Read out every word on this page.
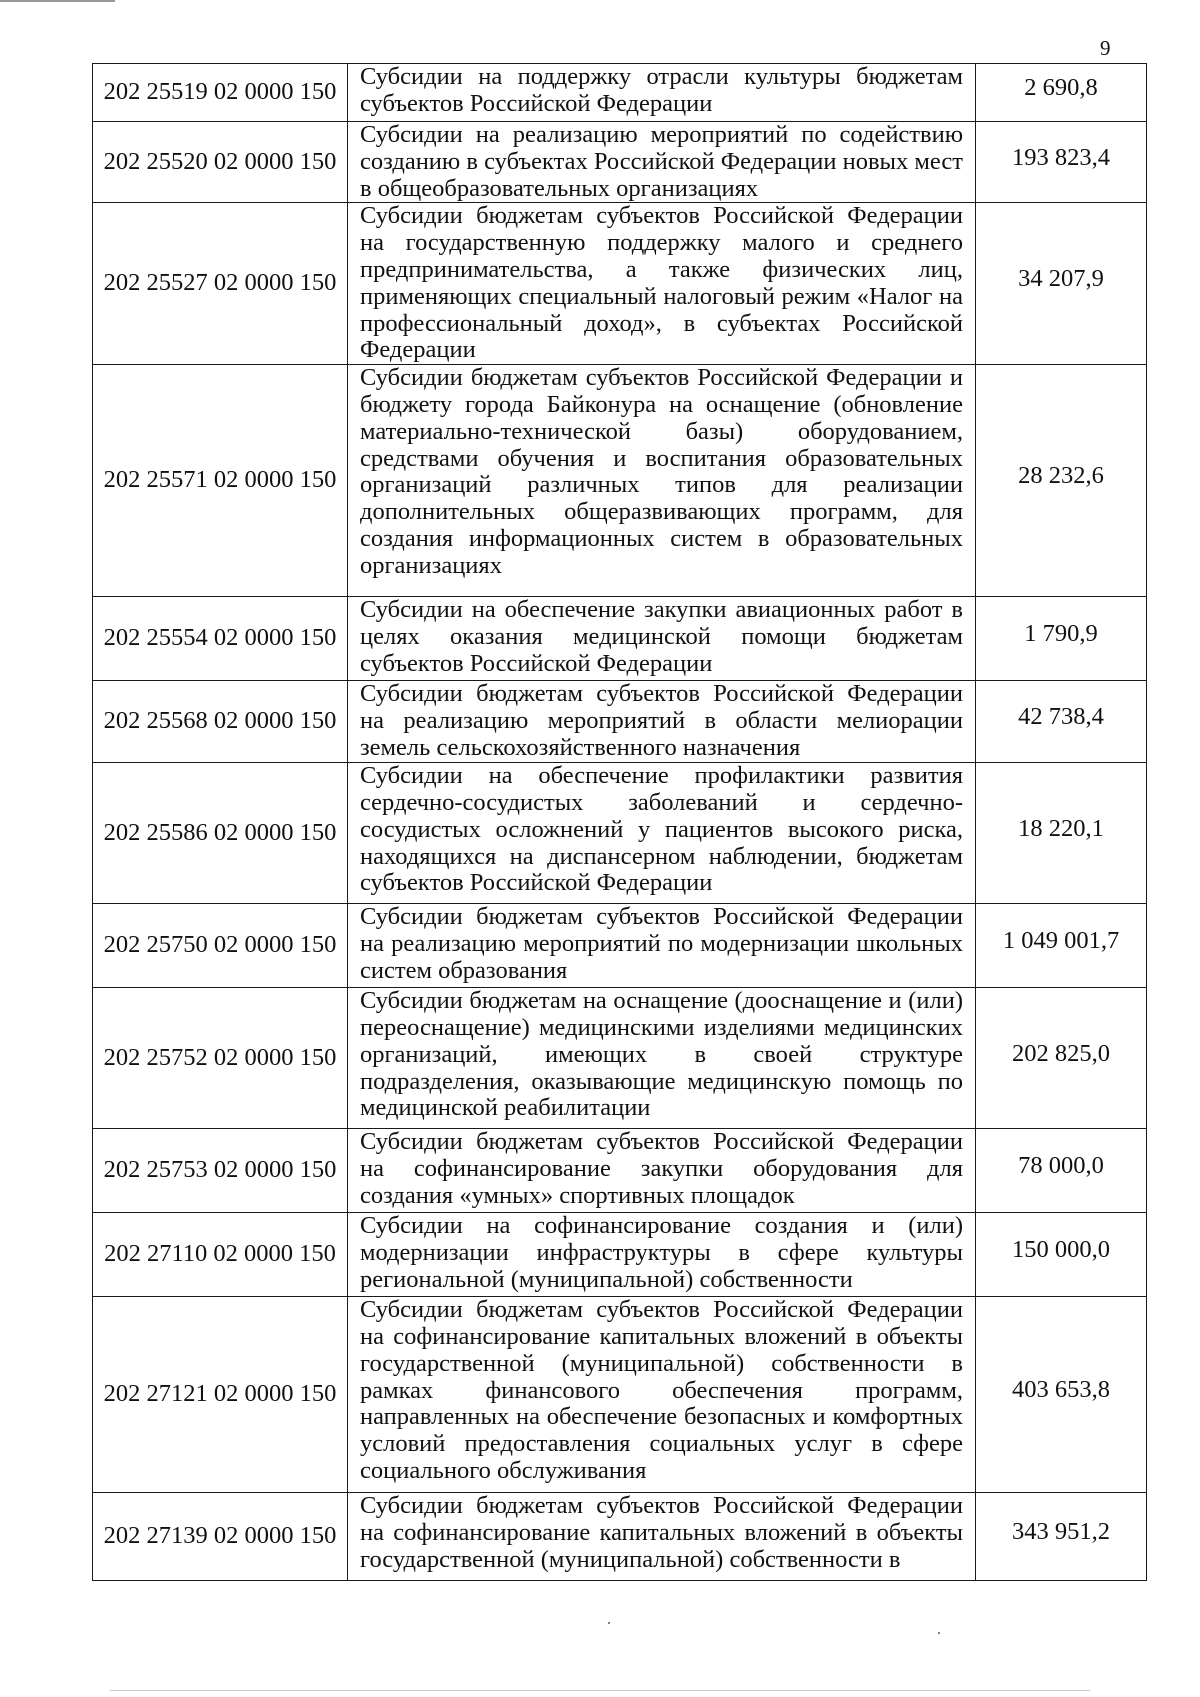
9
202 25519 02 0000 150	Субсидии на поддержку отрасли культуры бюджетам субъектов Российской Федерации	2 690,8
202 25520 02 0000 150	Субсидии на реализацию мероприятий по содействию созданию в субъектах Российской Федерации новых мест в общеобразовательных организациях	193 823,4
202 25527 02 0000 150	Субсидии бюджетам субъектов Российской Федерации на государственную поддержку малого и среднего предпринимательства, а также физических лиц, применяющих специальный налоговый режим «Налог на профессиональный доход», в субъектах Российской Федерации	34 207,9
202 25571 02 0000 150	Субсидии бюджетам субъектов Российской Федерации и бюджету города Байконура на оснащение (обновление материально-технической базы) оборудованием, средствами обучения и воспитания образовательных организаций различных типов для реализации дополнительных общеразвивающих программ, для создания информационных систем в образовательных организациях	28 232,6
202 25554 02 0000 150	Субсидии на обеспечение закупки авиационных работ в целях оказания медицинской помощи бюджетам субъектов Российской Федерации	1 790,9
202 25568 02 0000 150	Субсидии бюджетам субъектов Российской Федерации на реализацию мероприятий в области мелиорации земель сельскохозяйственного назначения	42 738,4
202 25586 02 0000 150	Субсидии на обеспечение профилактики развития сердечно-сосудистых заболеваний и сердечно-сосудистых осложнений у пациентов высокого риска, находящихся на диспансерном наблюдении, бюджетам субъектов Российской Федерации	18 220,1
202 25750 02 0000 150	Субсидии бюджетам субъектов Российской Федерации на реализацию мероприятий по модернизации школьных систем образования	1 049 001,7
202 25752 02 0000 150	Субсидии бюджетам на оснащение (дооснащение и (или) переоснащение) медицинскими изделиями медицинских организаций, имеющих в своей структуре подразделения, оказывающие медицинскую помощь по медицинской реабилитации	202 825,0
202 25753 02 0000 150	Субсидии бюджетам субъектов Российской Федерации на софинансирование закупки оборудования для создания «умных» спортивных площадок	78 000,0
202 27110 02 0000 150	Субсидии на софинансирование создания и (или) модернизации инфраструктуры в сфере культуры региональной (муниципальной) собственности	150 000,0
202 27121 02 0000 150	Субсидии бюджетам субъектов Российской Федерации на софинансирование капитальных вложений в объекты государственной (муниципальной) собственности в рамках финансового обеспечения программ, направленных на обеспечение безопасных и комфортных условий предоставления социальных услуг в сфере социального обслуживания	403 653,8
202 27139 02 0000 150	Субсидии бюджетам субъектов Российской Федерации на софинансирование капитальных вложений в объекты государственной (муниципальной) собственности в	343 951,2
